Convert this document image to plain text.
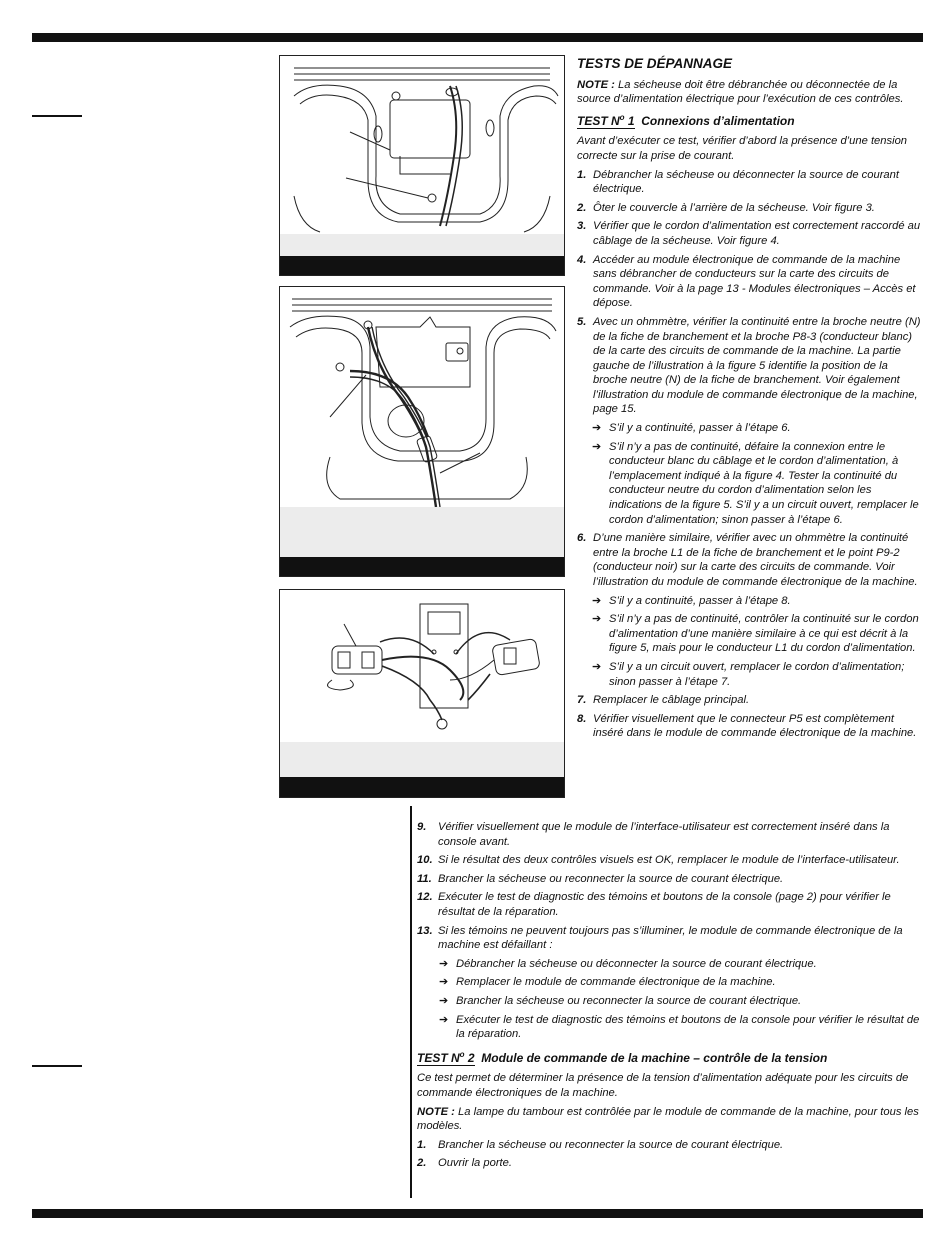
TESTS DE DÉPANNAGE

NOTE : La sécheuse doit être débranchée ou déconnectée de la source d’alimentation électrique pour l’exécution de ces contrôles.

TEST $N^o$ 1 Connexions d’alimentation

Avant d’exécuter ce test, vérifier d’abord la présence d’une tension correcte sur la prise de courant.

1. Débrancher la sécheuse ou déconnecter la source de courant électrique.
2. Ôter le couvercle à l’arrière de la sécheuse. Voir figure 3.
3. Vérifier que le cordon d’alimentation est correctement raccordé au câblage de la sécheuse. Voir figure 4.
4. Accéder au module électronique de commande de la machine sans débrancher de conducteurs sur la carte des circuits de commande. Voir à la page 13 - Modules électroniques – Accès et dépose.
5. Avec un ohmmètre, vérifier la continuité entre la broche neutre (N) de la fiche de branchement et la broche P8-3 (conducteur blanc) de la carte des circuits de commande de la machine. La partie gauche de l’illustration à la figure 5 identifie la position de la broche neutre (N) de la fiche de branchement. Voir également l’illustration du module de commande électronique de la machine, page 15.
➔ S’il y a continuité, passer à l’étape 6.
➔ S’il n’y a pas de continuité, défaire la connexion entre le conducteur blanc du câblage et le cordon d’alimentation, à l’emplacement indiqué à la figure 4. Tester la continuité du conducteur neutre du cordon d’alimentation selon les indications de la figure 5. S’il y a un circuit ouvert, remplacer le cordon d’alimentation; sinon passer à l’étape 6.
6. D’une manière similaire, vérifier avec un ohmmètre la continuité entre la broche L1 de la fiche de branchement et le point P9-2 (conducteur noir) sur la carte des circuits de commande. Voir l’illustration du module de commande électronique de la machine.
➔ S’il y a continuité, passer à l’étape 8.
➔ S’il n’y a pas de continuité, contrôler la continuité sur le cordon d’alimentation d’une manière similaire à ce qui est décrit à la figure 5, mais pour le conducteur L1 du cordon d’alimentation.
➔ S’il y a un circuit ouvert, remplacer le cordon d’alimentation; sinon passer à l’étape 7.
7. Remplacer le câblage principal.
8. Vérifier visuellement que le connecteur P5 est complètement inséré dans le module de commande électronique de la machine.
9.	Vérifier visuellement que le module de l’interface-utilisateur est correctement inséré dans la console avant.
10. Si le résultat des deux contrôles visuels est OK, remplacer le module de l’interface-utilisateur.
11. Brancher la sécheuse ou reconnecter la source de courant électrique.
12. Exécuter le test de diagnostic des témoins et boutons de la console (page 2) pour vérifier le résultat de la réparation.
13. Si les témoins ne peuvent toujours pas s’illuminer, le module de commande électronique de la machine est défaillant :
➔ Débrancher la sécheuse ou déconnecter la source de courant électrique.
➔ Remplacer le module de commande électronique de la machine.
➔ Brancher la sécheuse ou reconnecter la source de courant électrique.
➔ Exécuter le test de diagnostic des témoins et boutons de la console pour vérifier le résultat de la réparation.

TEST $N^o$ 2 Module de commande de la machine – contrôle de la tension

Ce test permet de déterminer la présence de la tension d’alimentation adéquate pour les circuits de commande électroniques de la machine.

NOTE : La lampe du tambour est contrôlée par le module de commande de la machine, pour tous les modèles.

1.	Brancher la sécheuse ou reconnecter la source de courant électrique.
2.	Ouvrir la porte.
